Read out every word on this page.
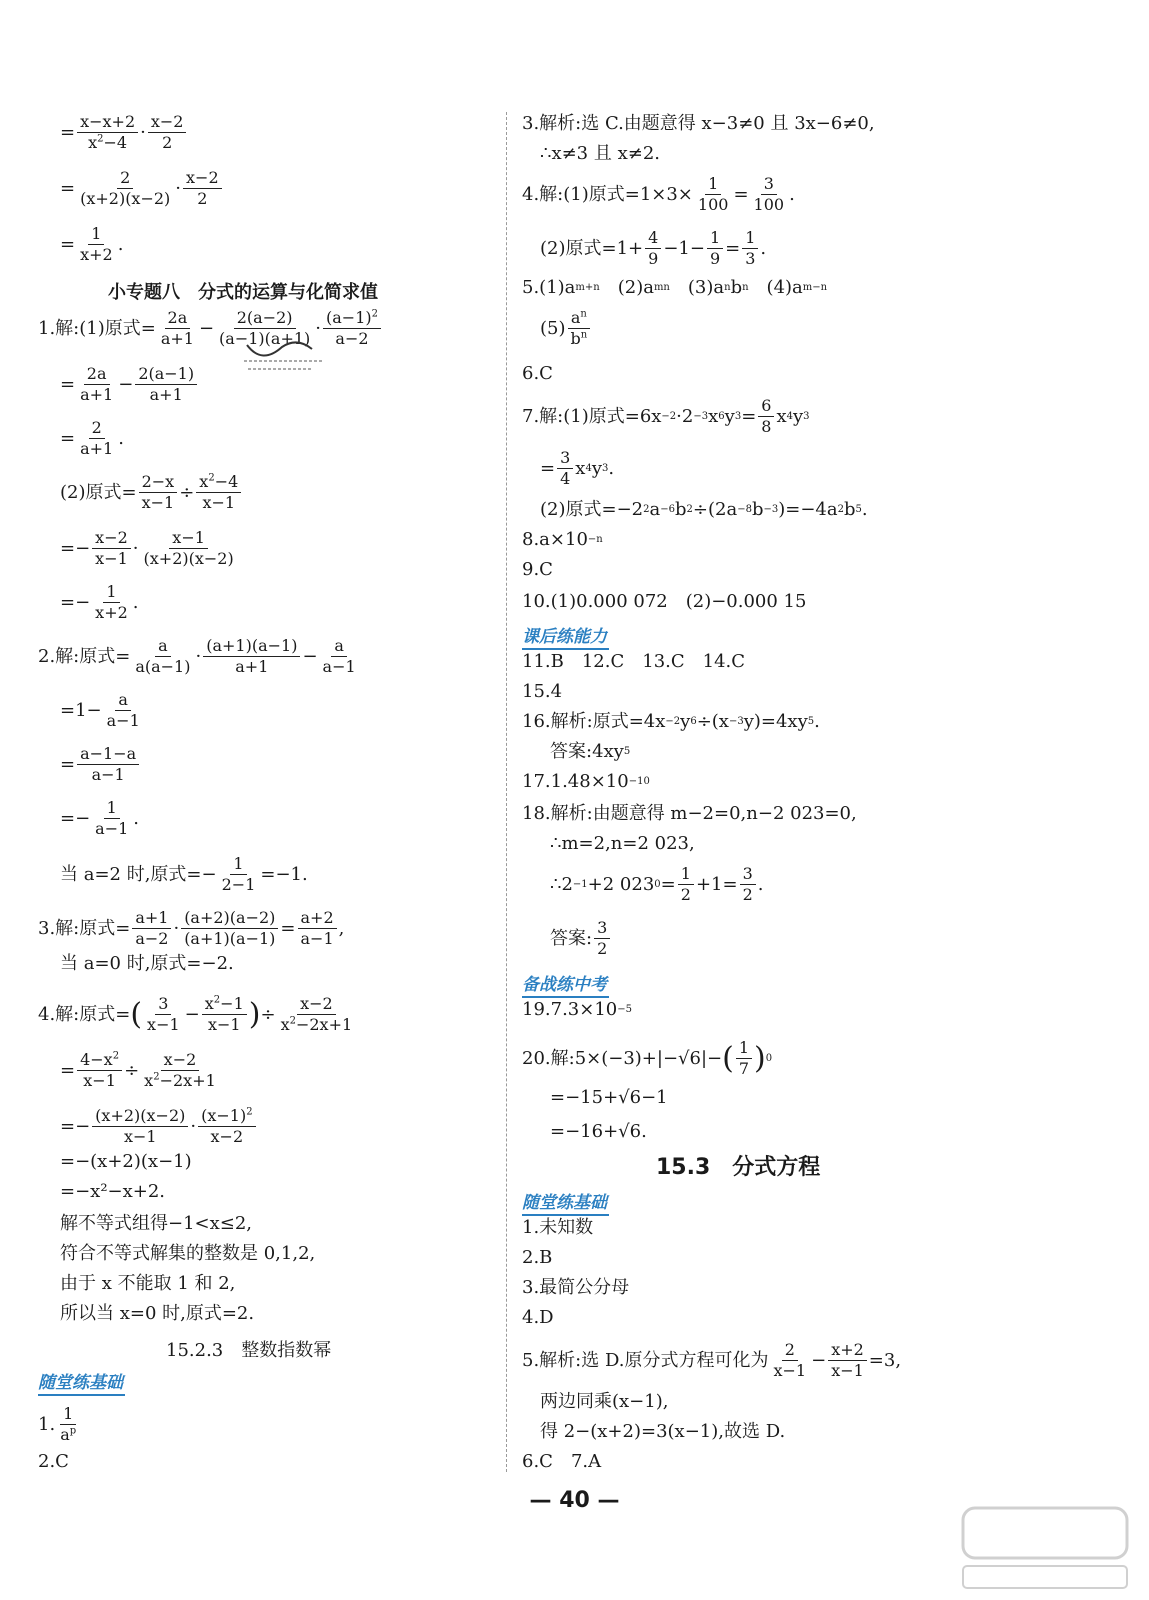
= $\frac{x-x+2}{x^2-4} \cdot \frac{x-2}{2}$
= $\frac{2}{(x+2)(x-2)} \cdot \frac{x-2}{2}$
= $\frac{1}{x+2}$ .
小专题八　分式的运算与化简求值
1.解:(1)原式= $\frac{2a}{a+1} - \frac{2(a-2)}{(a-1)(a+1)} \cdot \frac{(a-1)^2}{a-2}$
= $\frac{2a}{a+1} - \frac{2(a-1)}{a+1}$
= $\frac{2}{a+1}$ .
(2)原式= $\frac{2-x}{x-1} \div \frac{x^2-4}{x-1}$
=− $\frac{x-2}{x-1} \cdot \frac{x-1}{(x+2)(x-2)}$
=− $\frac{1}{x+2}$ .
2.解:原式= $\frac{a}{a(a-1)} \cdot \frac{(a+1)(a-1)}{a+1} - \frac{a}{a-1}$
$=1- \frac{a}{a-1}$
= $\frac{a-1-a}{a-1}$
=− $\frac{1}{a-1}$ .
当 a=2 时,原式=− $\frac{1}{2-1} =-1$.
3.解:原式= $\frac{a+1}{a-2} \cdot \frac{(a+2)(a-2)}{(a+1)(a-1)} = \frac{a+2}{a-1}$ ,
当 a=0 时,原式=−2.
4.解:原式= ( $\frac{3}{x-1} - \frac{x^2-1}{x-1}$ ) ÷ $\frac{x-2}{x^2-2x+1}$
= $\frac{4-x^2}{x-1} \div \frac{x-2}{x^2-2x+1}$
=− $\frac{(x+2)(x-2)}{x-1} \cdot \frac{(x-1)^2}{x-2}$
=−(x+2)(x−1)
=−x²−x+2.
解不等式组得−1<x≤2,
符合不等式解集的整数是 0,1,2,
由于 x 不能取 1 和 2,
所以当 x=0 时,原式=2.
15.2.3　整数指数幂
随堂练基础
1. $\frac{1}{a^p}$
2.C
3.解析:选 C.由题意得 x−3≠0 且 3x−6≠0,
∴x≠3 且 x≠2.
4.解:(1)原式$=1\times 3\times \frac{1}{100} = \frac{3}{100}$ .
(2)原式$=1+ \frac{4}{9} -1- \frac{1}{9} = \frac{1}{3}$ .
5.(1)a m+n 　(2)a mn 　(3)a n b n 　(4)a m−n
$(5) \frac{a^n}{b^n}$
6.C
7.解:(1)原式=6x −2 ·2 −3 x 6 y $3 = \frac{6}{8}$ x 4 y 3
= $\frac{3}{4}$ x 4 y 3 .
(2)原式=−2 2 a −6 b 2 ÷(2a −8 b −3 )=−4a 2 b 5 .
8.a×10 −n
9.C
10.(1)0.000 072　(2)−0.000 15
课后练能力
11.B　12.C　13.C　14.C
15.4
16.解析:原式=4x −2 y 6 ÷(x −3 y)=4xy 5 .
答案:4xy 5
17.1.48×10 −10
18.解析:由题意得 m−2=0,n−2 023=0,
∴m=2,n=2 023,
∴2 −1 +2 023 $0 = \frac{1}{2} +1= \frac{3}{2}$ .
答案: $\frac{3}{2}$
备战练中考
19.7.3×10 −5
20.解:5×(−3)+|−√6|− ( $\frac{1}{7}$ ) 0
=−15+√6−1
=−16+√6.
15.3　分式方程
随堂练基础
1.未知数
2.B
3.最简公分母
4.D
5.解析:选 D.原分式方程可化为 $\frac{2}{x-1} - \frac{x+2}{x-1} =3$,
两边同乘(x−1),
得 2−(x+2)=3(x−1),故选 D.
6.C　7.A
— 40 —
